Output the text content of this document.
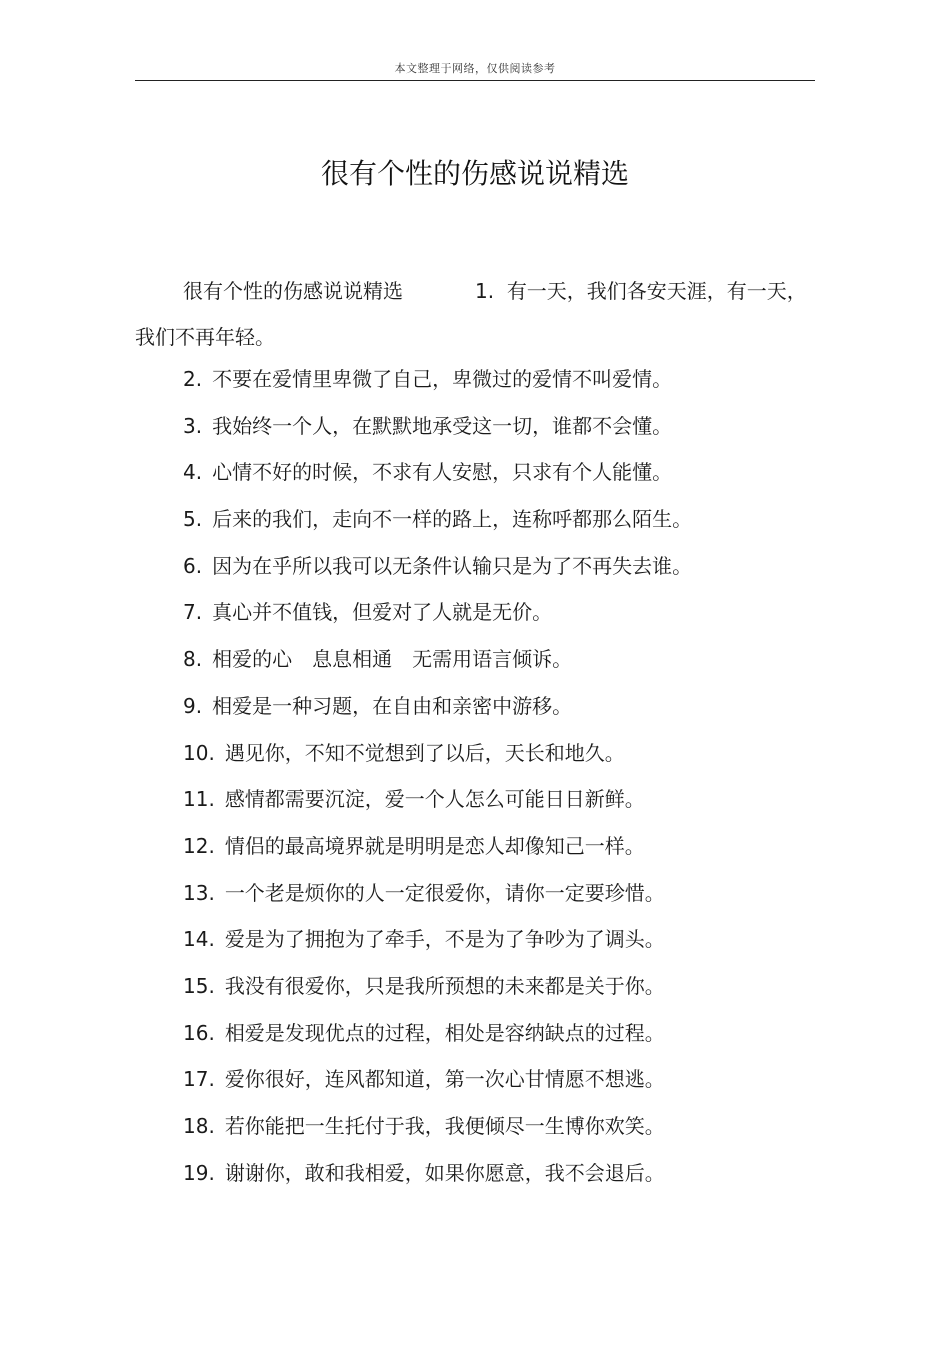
本文整理于网络，仅供阅读参考
很有个性的伤感说说精选

很有个性的伤感说说精选	1. 有一天，我们各安天涯，有一天，我们不再年轻。

2. 不要在爱情里卑微了自己，卑微过的爱情不叫爱情。
3. 我始终一个人，在默默地承受这一切，谁都不会懂。
4. 心情不好的时候，不求有人安慰，只求有个人能懂。
5. 后来的我们，走向不一样的路上，连称呼都那么陌生。
6. 因为在乎所以我可以无条件认输只是为了不再失去谁。
7. 真心并不值钱，但爱对了人就是无价。
8. 相爱的心　息息相通　无需用语言倾诉。
9. 相爱是一种习题，在自由和亲密中游移。
10. 遇见你，不知不觉想到了以后，天长和地久。
11. 感情都需要沉淀，爱一个人怎么可能日日新鲜。
12. 情侣的最高境界就是明明是恋人却像知己一样。
13. 一个老是烦你的人一定很爱你，请你一定要珍惜。
14. 爱是为了拥抱为了牵手，不是为了争吵为了调头。
15. 我没有很爱你，只是我所预想的未来都是关于你。
16. 相爱是发现优点的过程，相处是容纳缺点的过程。
17. 爱你很好，连风都知道，第一次心甘情愿不想逃。
18. 若你能把一生托付于我，我便倾尽一生博你欢笑。
19. 谢谢你，敢和我相爱，如果你愿意，我不会退后。
